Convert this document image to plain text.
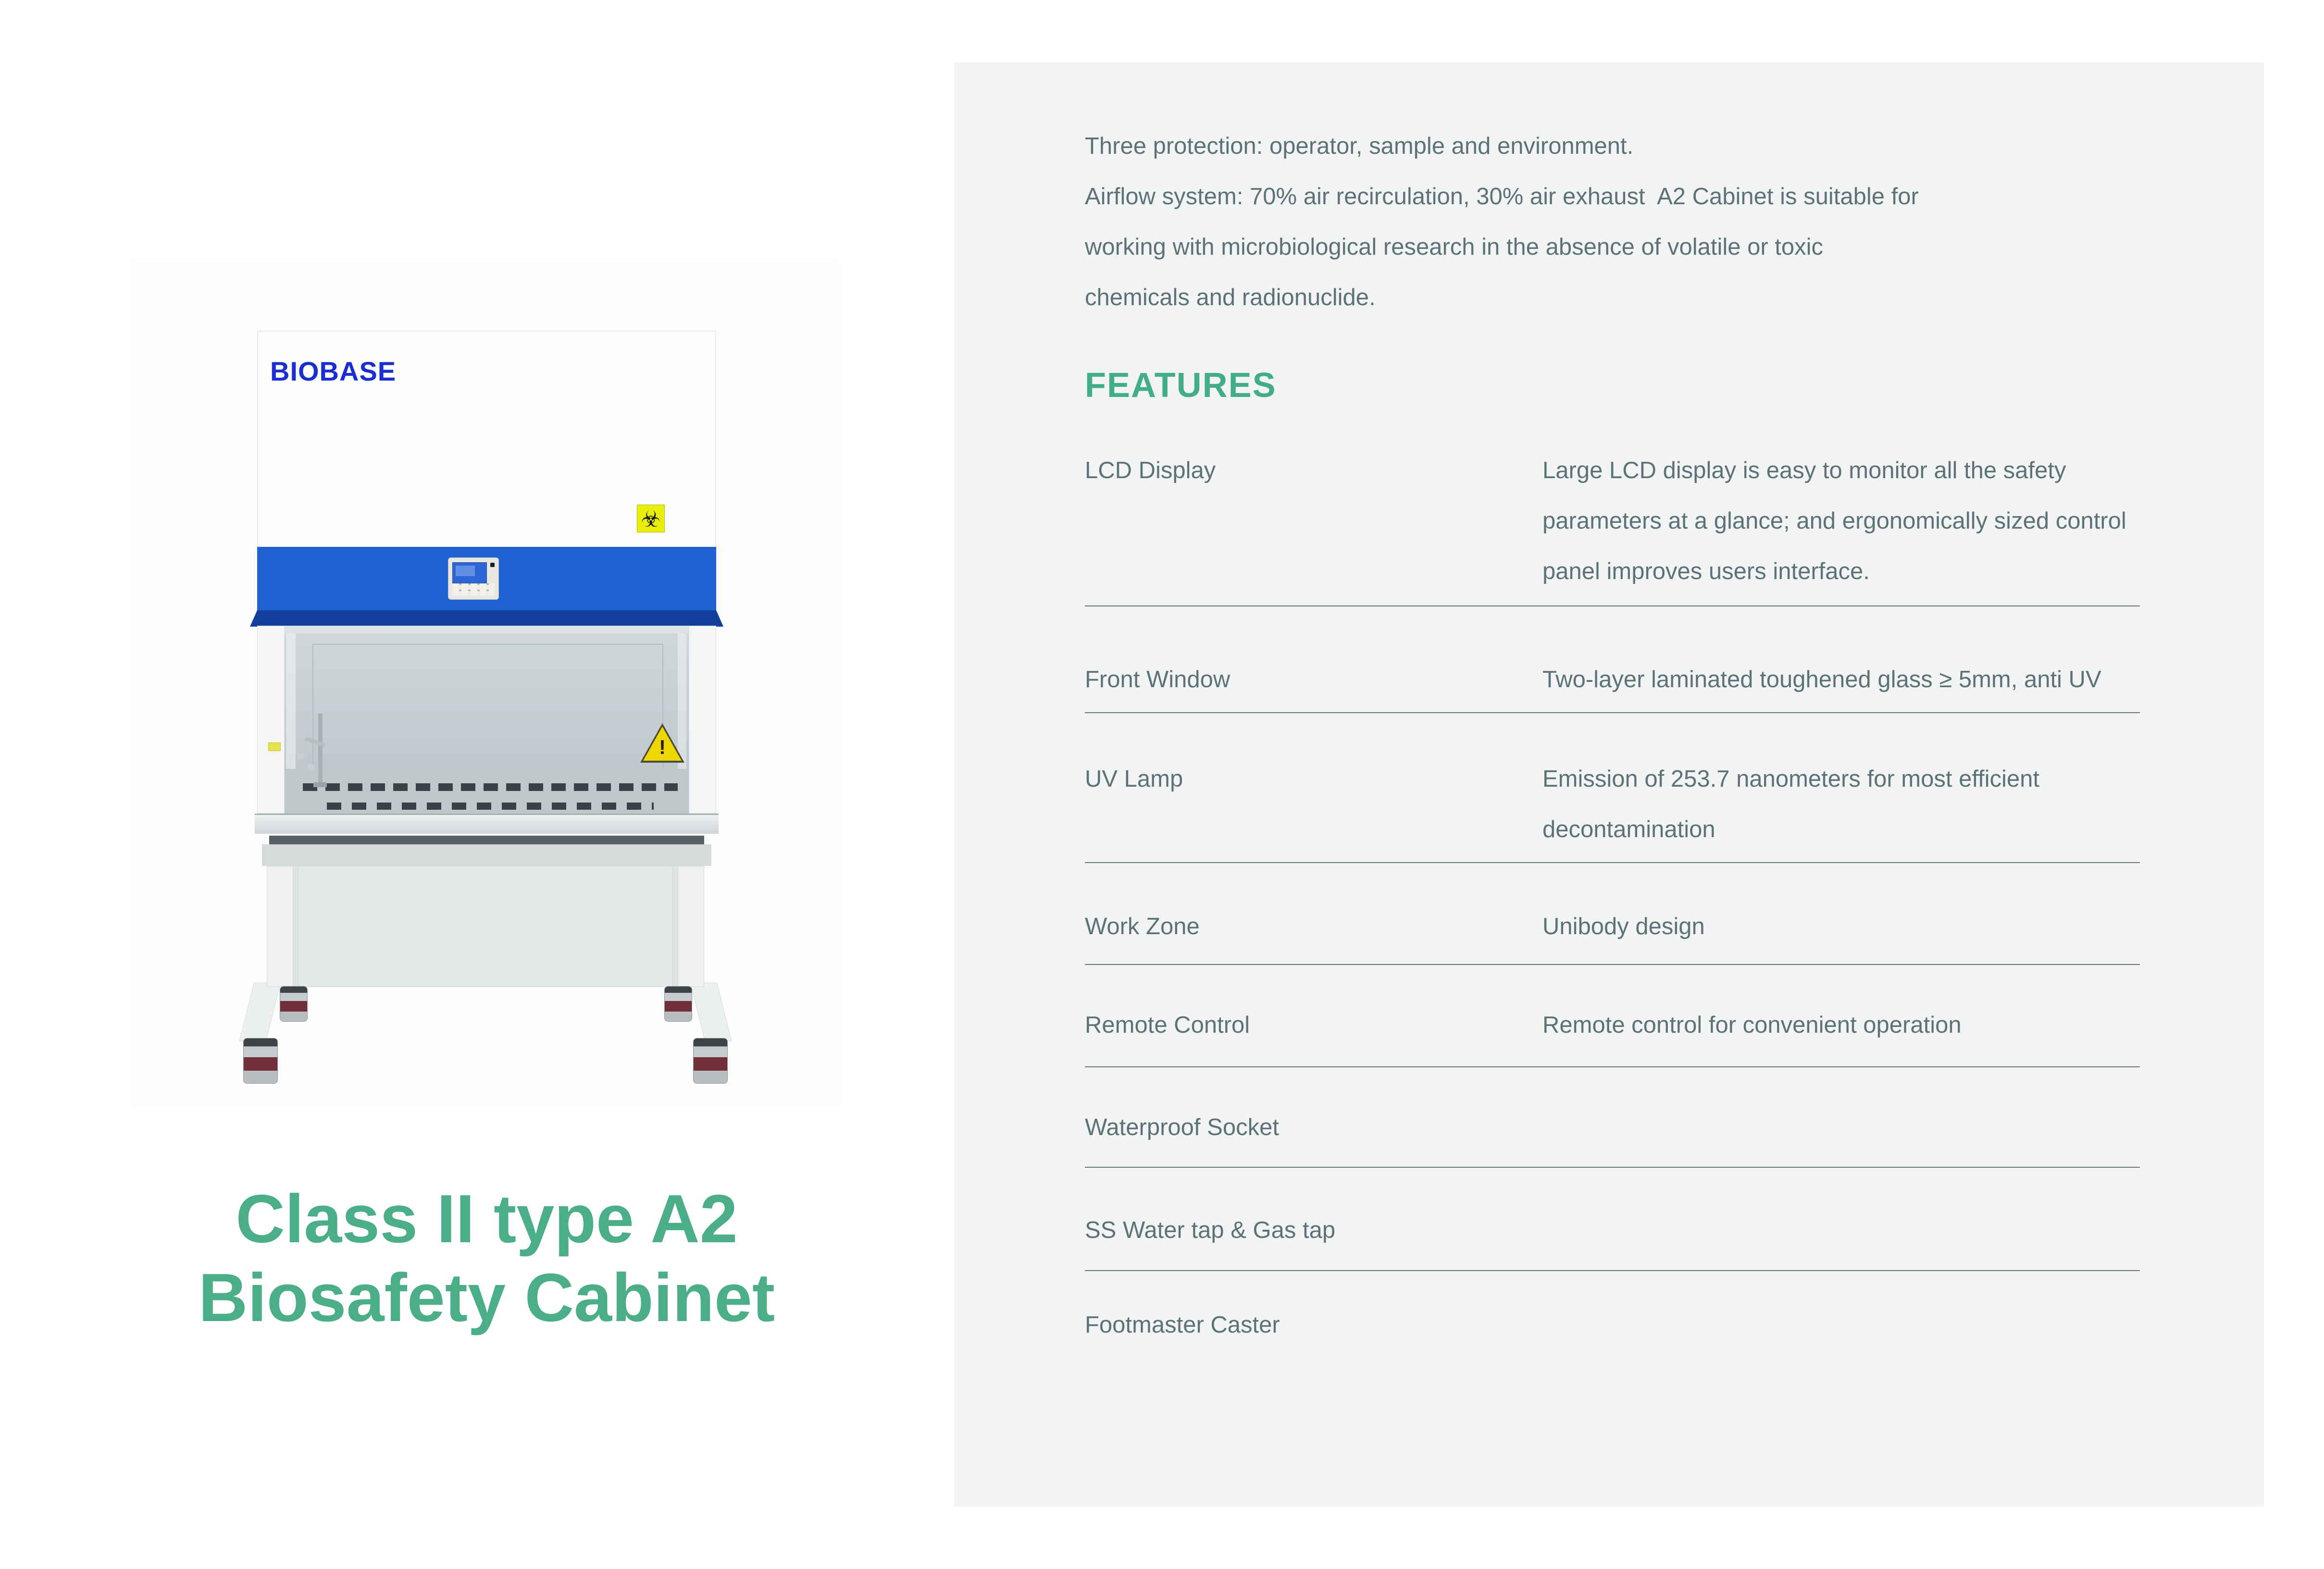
BIOBASE
☣
!
Class II type A2
Biosafety Cabinet
Three protection: operator, sample and environment.
Airflow system: 70% air recirculation, 30% air exhaust  A2 Cabinet is suitable for
working with microbiological research in the absence of volatile or toxic
chemicals and radionuclide.
FEATURES
LCD Display	Large LCD display is easy to monitor all the safety parameters at a glance; and ergonomically sized control panel improves users interface.
Front Window	Two-layer laminated toughened glass ≥ 5mm, anti UV
UV Lamp	Emission of 253.7 nanometers for most efficient decontamination
Work Zone	Unibody design
Remote Control	Remote control for convenient operation
Waterproof Socket
SS Water tap & Gas tap
Footmaster Caster
